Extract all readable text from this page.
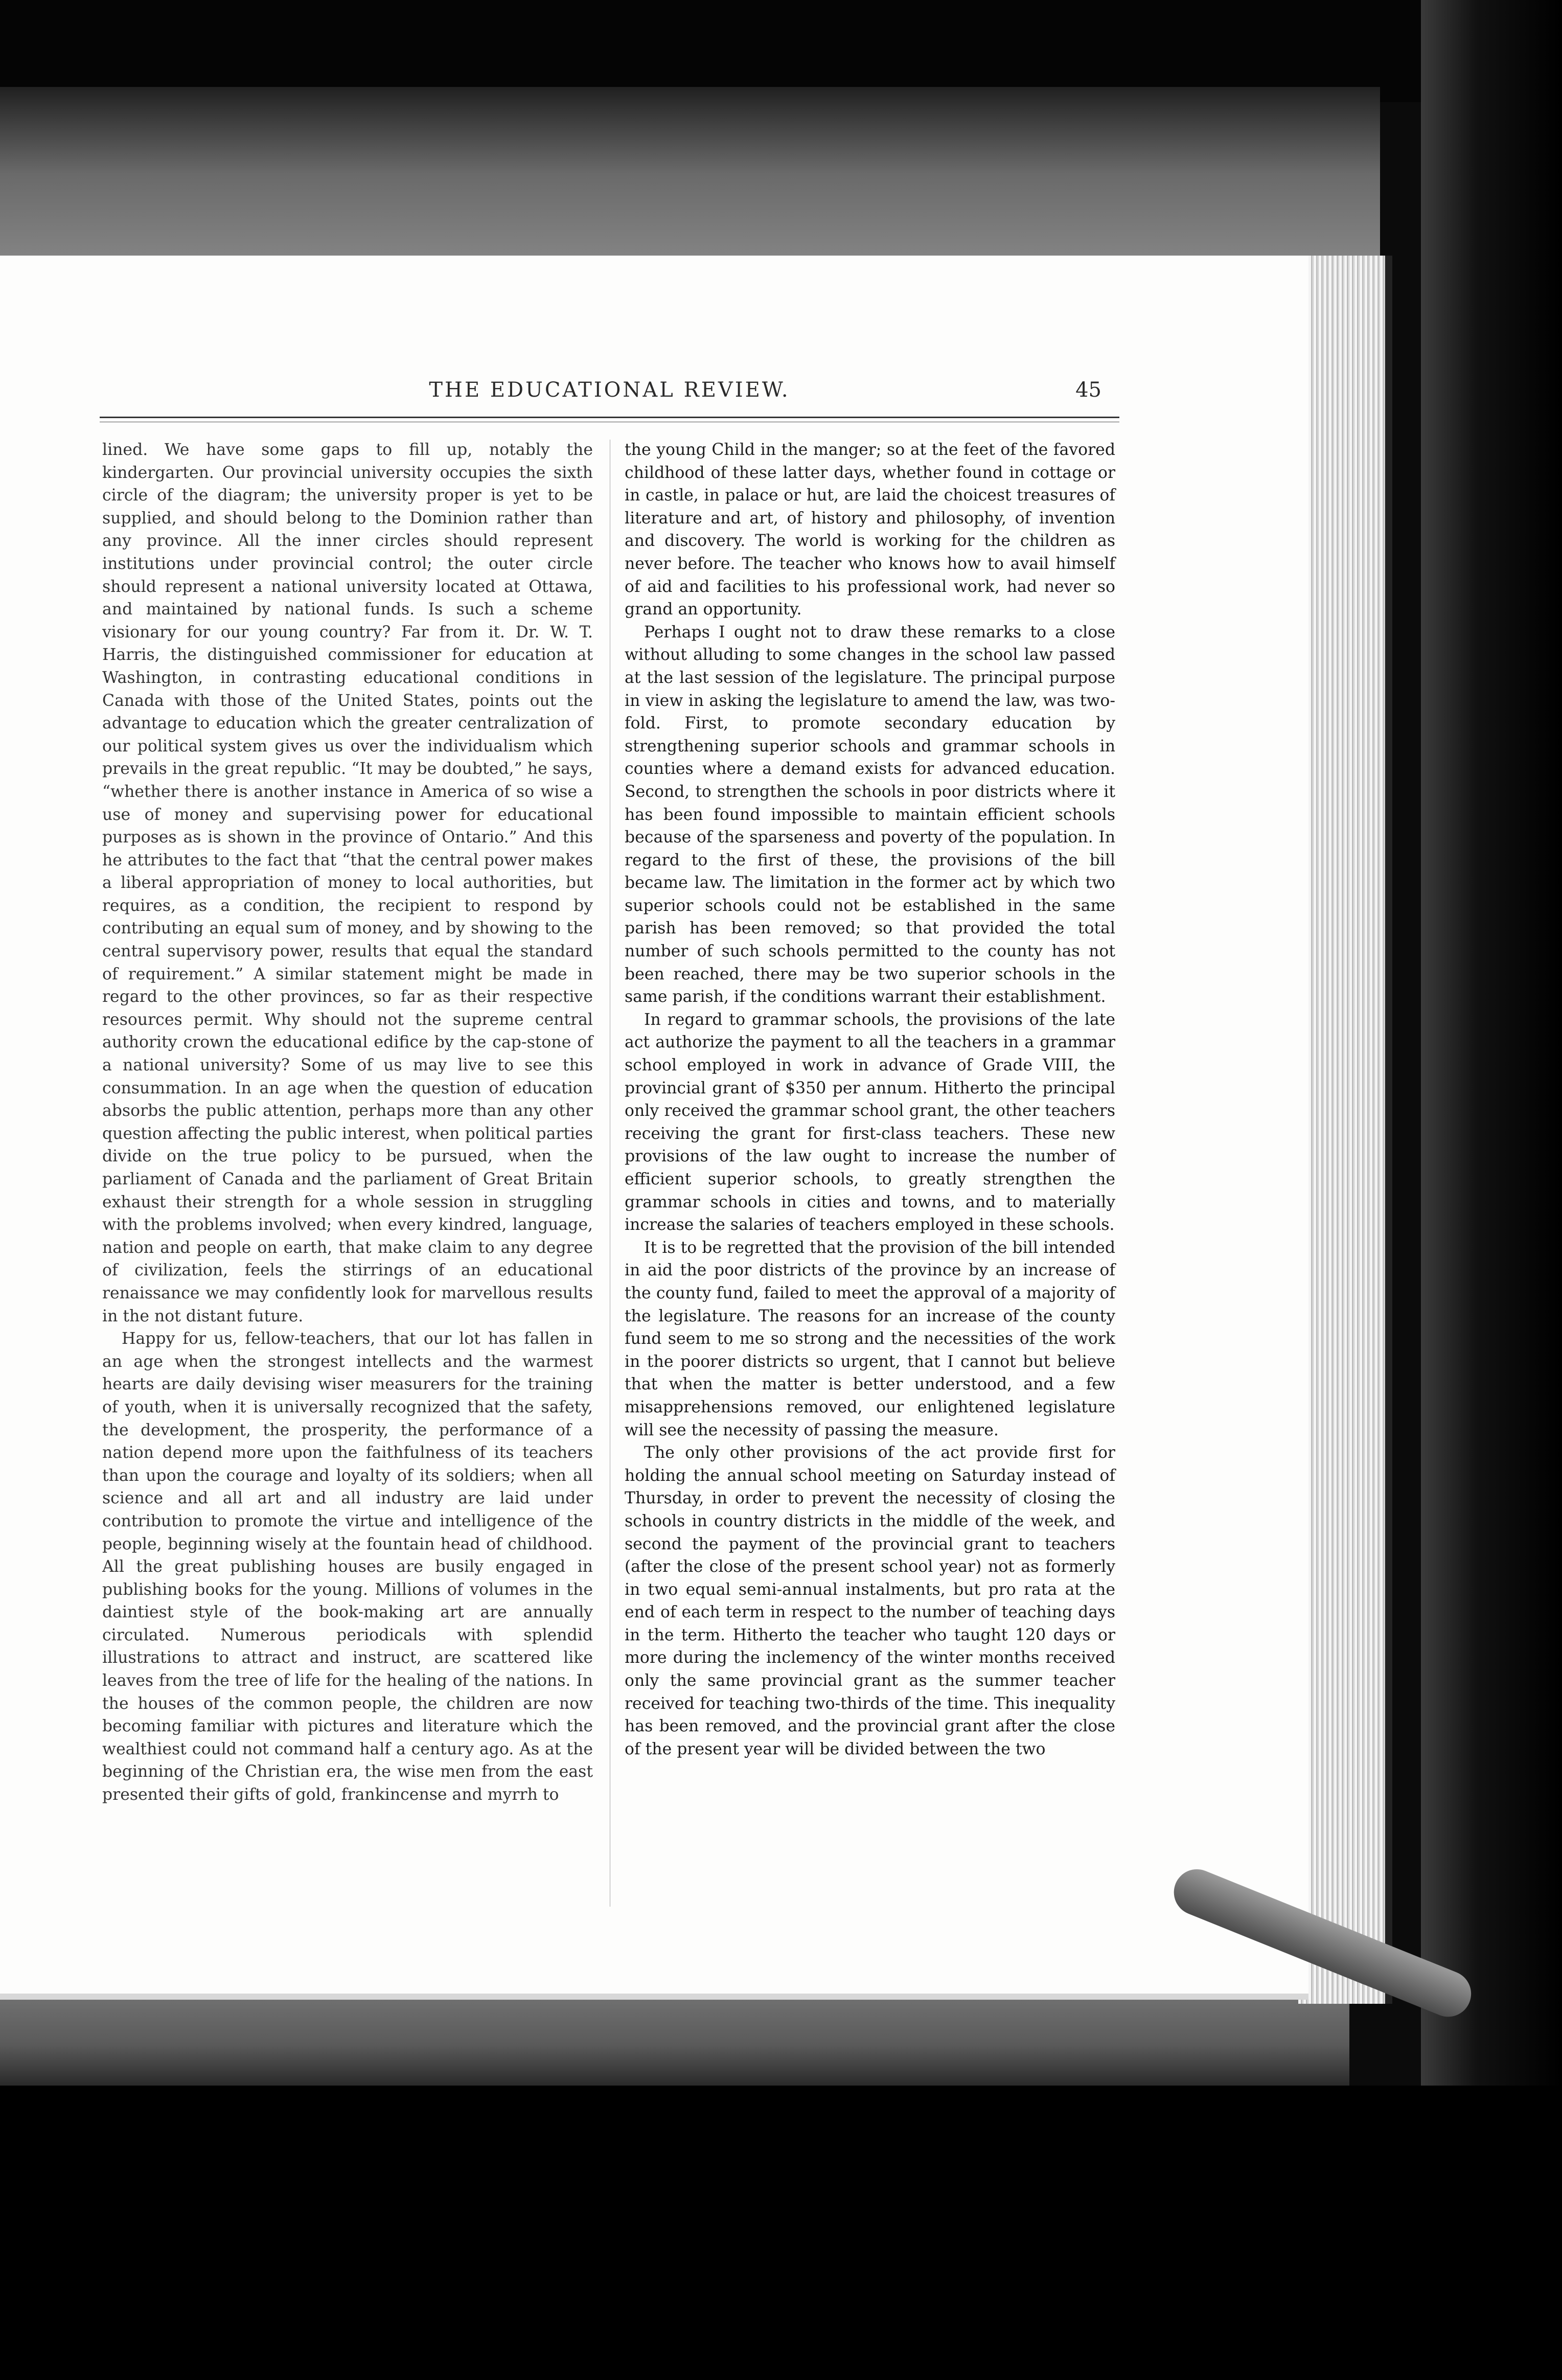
THE EDUCATIONAL REVIEW.	45

lined. We have some gaps to fill up, notably the kindergarten. Our provincial university occupies the sixth circle of the diagram; the university proper is yet to be supplied, and should belong to the Dominion rather than any province. All the inner circles should represent institutions under provincial control; the outer circle should represent a national university located at Ottawa, and maintained by national funds. Is such a scheme visionary for our young country? Far from it. Dr. W. T. Harris, the distinguished commissioner for education at Washington, in contrasting educational conditions in Canada with those of the United States, points out the advantage to education which the greater centralization of our political system gives us over the individualism which prevails in the great republic. “It may be doubted,” he says, “whether there is another instance in America of so wise a use of money and supervising power for educational purposes as is shown in the province of Ontario.” And this he attributes to the fact that “that the central power makes a liberal appropriation of money to local authorities, but requires, as a condition, the recipient to respond by contributing an equal sum of money, and by showing to the central supervisory power, results that equal the standard of requirement.” A similar statement might be made in regard to the other provinces, so far as their respective resources permit. Why should not the supreme central authority crown the educational edifice by the cap-stone of a national university? Some of us may live to see this consummation. In an age when the question of education absorbs the public attention, perhaps more than any other question affecting the public interest, when political parties divide on the true policy to be pursued, when the parliament of Canada and the parliament of Great Britain exhaust their strength for a whole session in struggling with the problems involved; when every kindred, language, nation and people on earth, that make claim to any degree of civilization, feels the stirrings of an educational renaissance we may confidently look for marvellous results in the not distant future.

Happy for us, fellow-teachers, that our lot has fallen in an age when the strongest intellects and the warmest hearts are daily devising wiser measurers for the training of youth, when it is universally recognized that the safety, the development, the prosperity, the performance of a nation depend more upon the faithfulness of its teachers than upon the courage and loyalty of its soldiers; when all science and all art and all industry are laid under contribution to promote the virtue and intelligence of the people, beginning wisely at the fountain head of childhood. All the great publishing houses are busily engaged in publishing books for the young. Millions of volumes in the daintiest style of the book-making art are annually circulated. Numerous periodicals with splendid illustrations to attract and instruct, are scattered like leaves from the tree of life for the healing of the nations. In the houses of the common people, the children are now becoming familiar with pictures and literature which the wealthiest could not command half a century ago. As at the beginning of the Christian era, the wise men from the east presented their gifts of gold, frankincense and myrrh to

the young Child in the manger; so at the feet of the favored childhood of these latter days, whether found in cottage or in castle, in palace or hut, are laid the choicest treasures of literature and art, of history and philosophy, of invention and discovery. The world is working for the children as never before. The teacher who knows how to avail himself of aid and facilities to his professional work, had never so grand an opportunity.

Perhaps I ought not to draw these remarks to a close without alluding to some changes in the school law passed at the last session of the legislature. The principal purpose in view in asking the legislature to amend the law, was two-fold. First, to promote secondary education by strengthening superior schools and grammar schools in counties where a demand exists for advanced education. Second, to strengthen the schools in poor districts where it has been found impossible to maintain efficient schools because of the sparseness and poverty of the population. In regard to the first of these, the provisions of the bill became law. The limitation in the former act by which two superior schools could not be established in the same parish has been removed; so that provided the total number of such schools permitted to the county has not been reached, there may be two superior schools in the same parish, if the conditions warrant their establishment.

In regard to grammar schools, the provisions of the late act authorize the payment to all the teachers in a grammar school employed in work in advance of Grade VIII, the provincial grant of $350 per annum. Hitherto the principal only received the grammar school grant, the other teachers receiving the grant for first-class teachers. These new provisions of the law ought to increase the number of efficient superior schools, to greatly strengthen the grammar schools in cities and towns, and to materially increase the salaries of teachers employed in these schools.

It is to be regretted that the provision of the bill intended in aid the poor districts of the province by an increase of the county fund, failed to meet the approval of a majority of the legislature. The reasons for an increase of the county fund seem to me so strong and the necessities of the work in the poorer districts so urgent, that I cannot but believe that when the matter is better understood, and a few misapprehensions removed, our enlightened legislature will see the necessity of passing the measure.

The only other provisions of the act provide first for holding the annual school meeting on Saturday instead of Thursday, in order to prevent the necessity of closing the schools in country districts in the middle of the week, and second the payment of the provincial grant to teachers (after the close of the present school year) not as formerly in two equal semi-annual instalments, but pro rata at the end of each term in respect to the number of teaching days in the term. Hitherto the teacher who taught 120 days or more during the inclemency of the winter months received only the same provincial grant as the summer teacher received for teaching two-thirds of the time. This inequality has been removed, and the provincial grant after the close of the present year will be divided between the two
